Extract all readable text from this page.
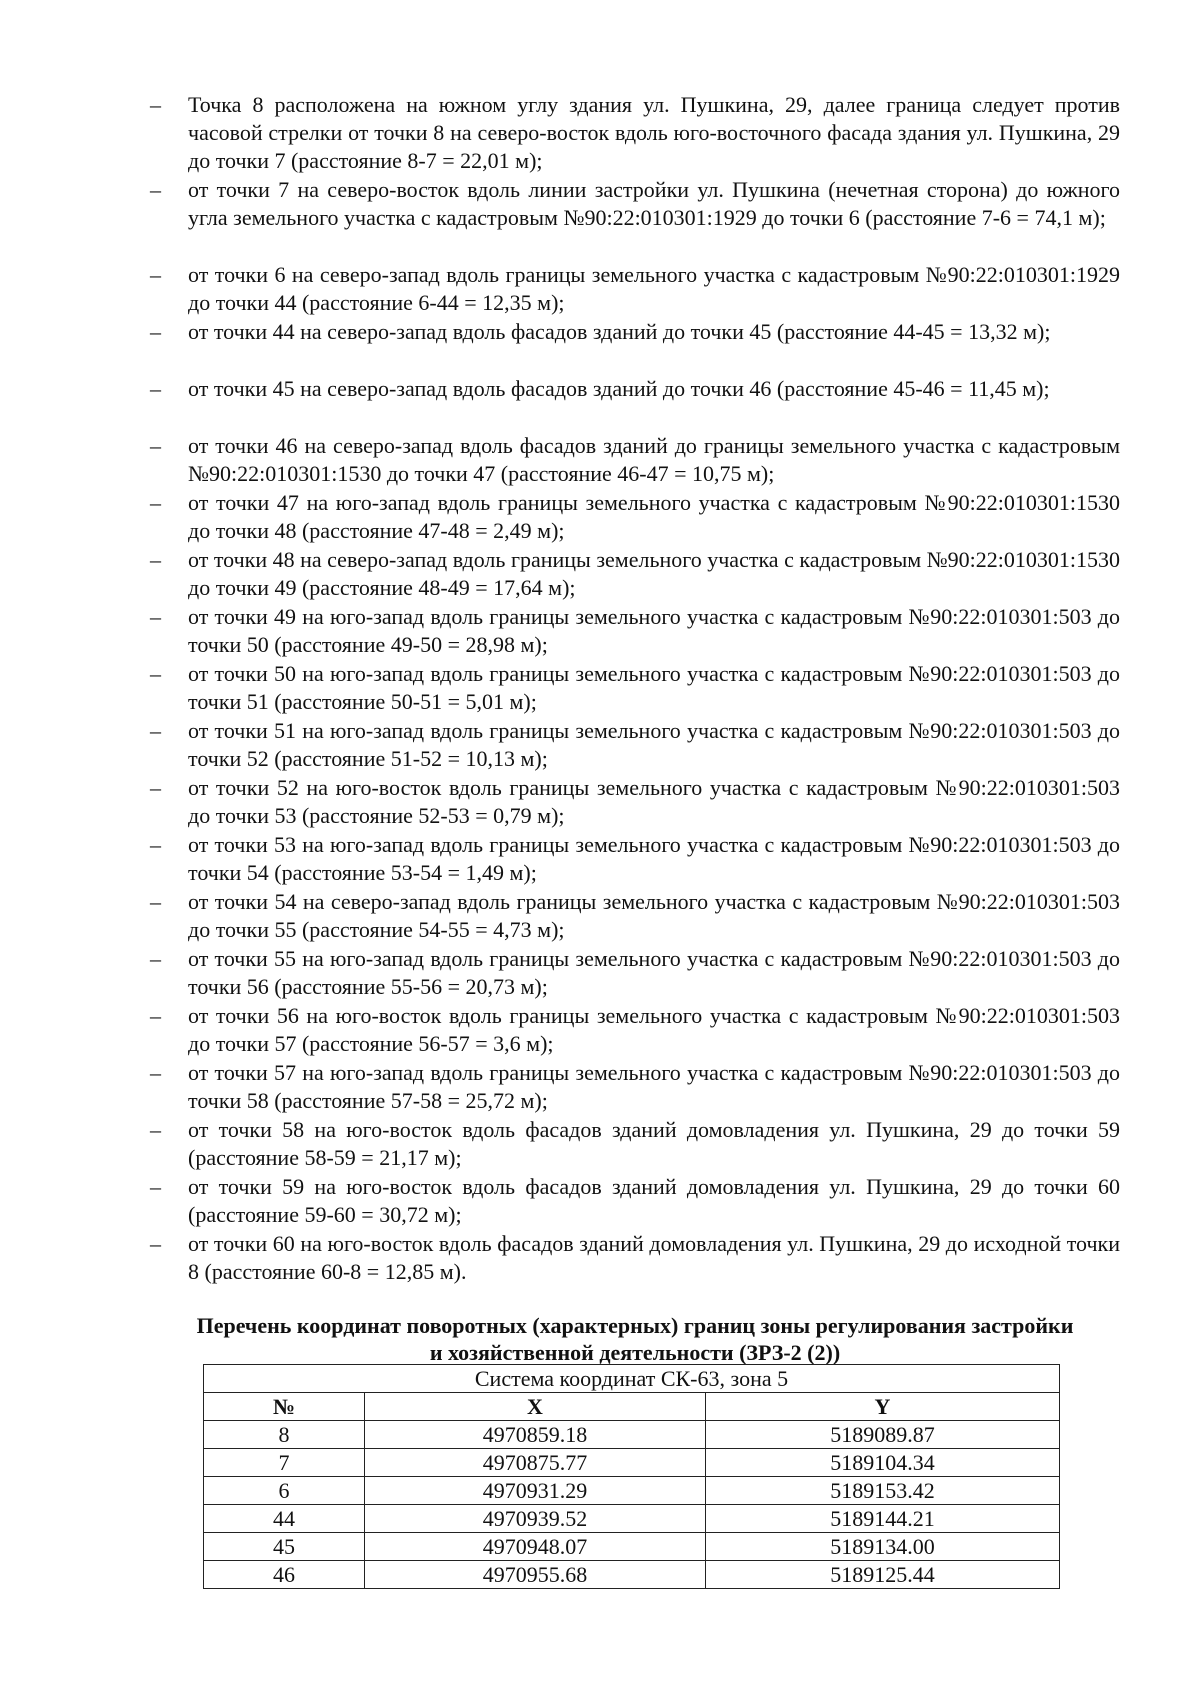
– Точка 8 расположена на южном углу здания ул. Пушкина, 29, далее граница следует против часовой стрелки от точки 8 на северо-восток вдоль юго-восточного фасада здания ул. Пушкина, 29 до точки 7 (расстояние 8-7 = 22,01 м);
– от точки 7 на северо-восток вдоль линии застройки ул. Пушкина (нечетная сторона) до южного угла земельного участка с кадастровым №90:22:010301:1929 до точки 6 (расстояние 7-6 = 74,1 м);
– от точки 6 на северо-запад вдоль границы земельного участка с кадастровым №90:22:010301:1929 до точки 44 (расстояние 6-44 = 12,35 м);
– от точки 44 на северо-запад вдоль фасадов зданий до точки 45 (расстояние 44-45 = 13,32 м);
– от точки 45 на северо-запад вдоль фасадов зданий до точки 46 (расстояние 45-46 = 11,45 м);
– от точки 46 на северо-запад вдоль фасадов зданий до границы земельного участка с кадастровым №90:22:010301:1530 до точки 47 (расстояние 46-47 = 10,75 м);
– от точки 47 на юго-запад вдоль границы земельного участка с кадастровым №90:22:010301:1530 до точки 48 (расстояние 47-48 = 2,49 м);
– от точки 48 на северо-запад вдоль границы земельного участка с кадастровым №90:22:010301:1530 до точки 49 (расстояние 48-49 = 17,64 м);
– от точки 49 на юго-запад вдоль границы земельного участка с кадастровым №90:22:010301:503 до точки 50 (расстояние 49-50 = 28,98 м);
– от точки 50 на юго-запад вдоль границы земельного участка с кадастровым №90:22:010301:503 до точки 51 (расстояние 50-51 = 5,01 м);
– от точки 51 на юго-запад вдоль границы земельного участка с кадастровым №90:22:010301:503 до точки 52 (расстояние 51-52 = 10,13 м);
– от точки 52 на юго-восток вдоль границы земельного участка с кадастровым №90:22:010301:503 до точки 53 (расстояние 52-53 = 0,79 м);
– от точки 53 на юго-запад вдоль границы земельного участка с кадастровым №90:22:010301:503 до точки 54 (расстояние 53-54 = 1,49 м);
– от точки 54 на северо-запад вдоль границы земельного участка с кадастровым №90:22:010301:503 до точки 55 (расстояние 54-55 = 4,73 м);
– от точки 55 на юго-запад вдоль границы земельного участка с кадастровым №90:22:010301:503 до точки 56 (расстояние 55-56 = 20,73 м);
– от точки 56 на юго-восток вдоль границы земельного участка с кадастровым №90:22:010301:503 до точки 57 (расстояние 56-57 = 3,6 м);
– от точки 57 на юго-запад вдоль границы земельного участка с кадастровым №90:22:010301:503 до точки 58 (расстояние 57-58 = 25,72 м);
– от точки 58 на юго-восток вдоль фасадов зданий домовладения ул. Пушкина, 29 до точки 59 (расстояние 58-59 = 21,17 м);
– от точки 59 на юго-восток вдоль фасадов зданий домовладения ул. Пушкина, 29 до точки 60 (расстояние 59-60 = 30,72 м);
– от точки 60 на юго-восток вдоль фасадов зданий домовладения ул. Пушкина, 29 до исходной точки 8 (расстояние 60-8 = 12,85 м).
Перечень координат поворотных (характерных) границ зоны регулирования застройки
и хозяйственной деятельности (ЗРЗ-2 (2))
Система координат СК-63, зона 5		
№	X	Y
8	4970859.18	5189089.87
7	4970875.77	5189104.34
6	4970931.29	5189153.42
44	4970939.52	5189144.21
45	4970948.07	5189134.00
46	4970955.68	5189125.44
